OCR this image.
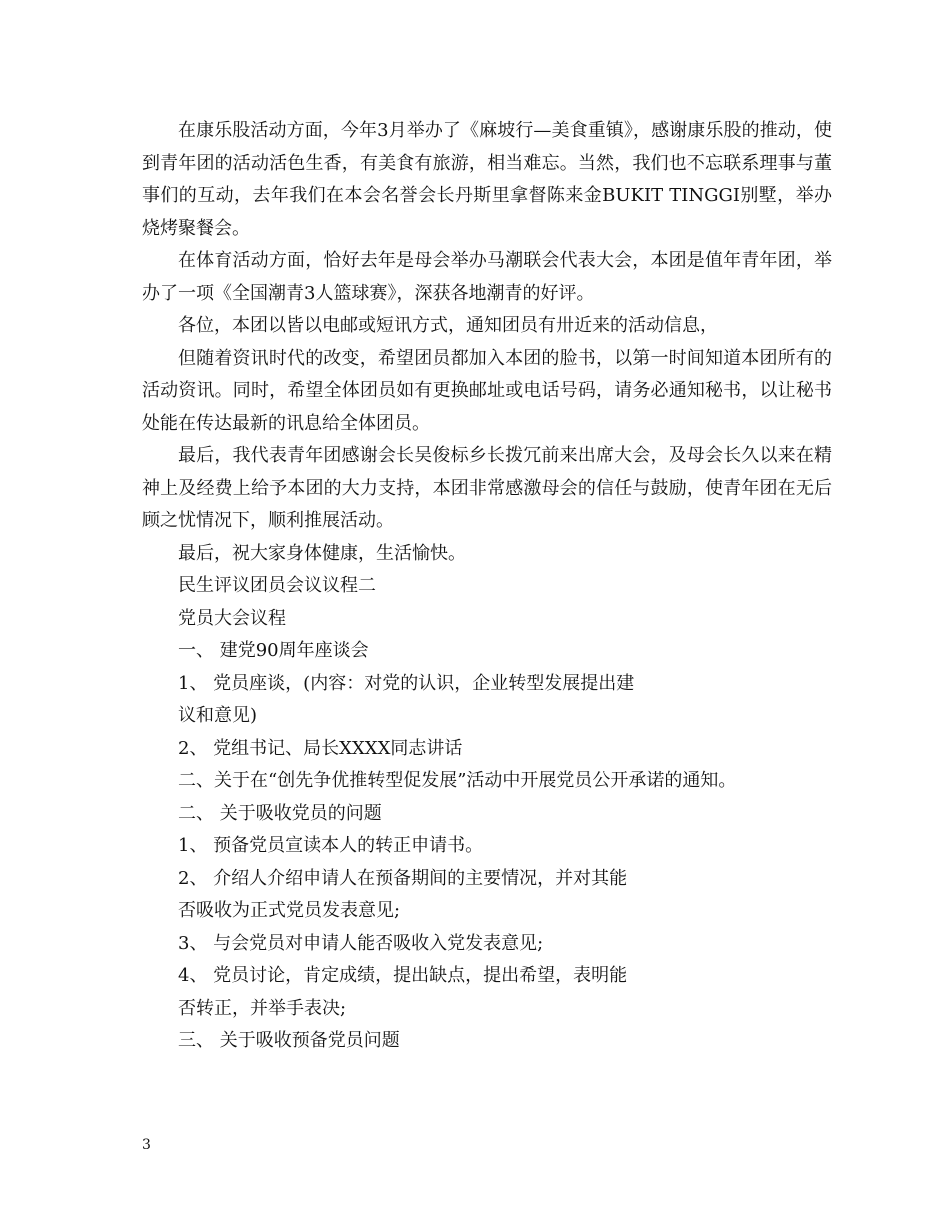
在康乐股活动方面，今年3月举办了《麻坡行—美食重镇》，感谢康乐股的推动，使到青年团的活动活色生香，有美食有旅游，相当难忘。当然，我们也不忘联系理事与董事们的互动，去年我们在本会名誉会长丹斯里拿督陈来金BUKIT TINGGI别墅，举办烧烤聚餐会。

在体育活动方面，恰好去年是母会举办马潮联会代表大会，本团是值年青年团，举办了一项《全国潮青3人篮球赛》，深获各地潮青的好评。

各位，本团以皆以电邮或短讯方式，通知团员有卅近来的活动信息，

但随着资讯时代的改变，希望团员都加入本团的脸书，以第一时间知道本团所有的活动资讯。同时，希望全体团员如有更换邮址或电话号码，请务必通知秘书，以让秘书处能在传达最新的讯息给全体团员。

最后，我代表青年团感谢会长吴俊标乡长拨冗前来出席大会，及母会长久以来在精神上及经费上给予本团的大力支持，本团非常感激母会的信任与鼓励，使青年团在无后顾之忧情况下，顺利推展活动。

最后，祝大家身体健康，生活愉快。

民生评议团员会议议程二

党员大会议程

一、 建党90周年座谈会

1、 党员座谈，(内容：对党的认识，企业转型发展提出建

议和意见)

2、 党组书记、局长XXXX同志讲话

二、关于在“创先争优推转型促发展”活动中开展党员公开承诺的通知。

二、 关于吸收党员的问题

1、 预备党员宣读本人的转正申请书。

2、 介绍人介绍申请人在预备期间的主要情况，并对其能

否吸收为正式党员发表意见;

3、 与会党员对申请人能否吸收入党发表意见;

4、 党员讨论，肯定成绩，提出缺点，提出希望，表明能

否转正，并举手表决;

三、 关于吸收预备党员问题

3
